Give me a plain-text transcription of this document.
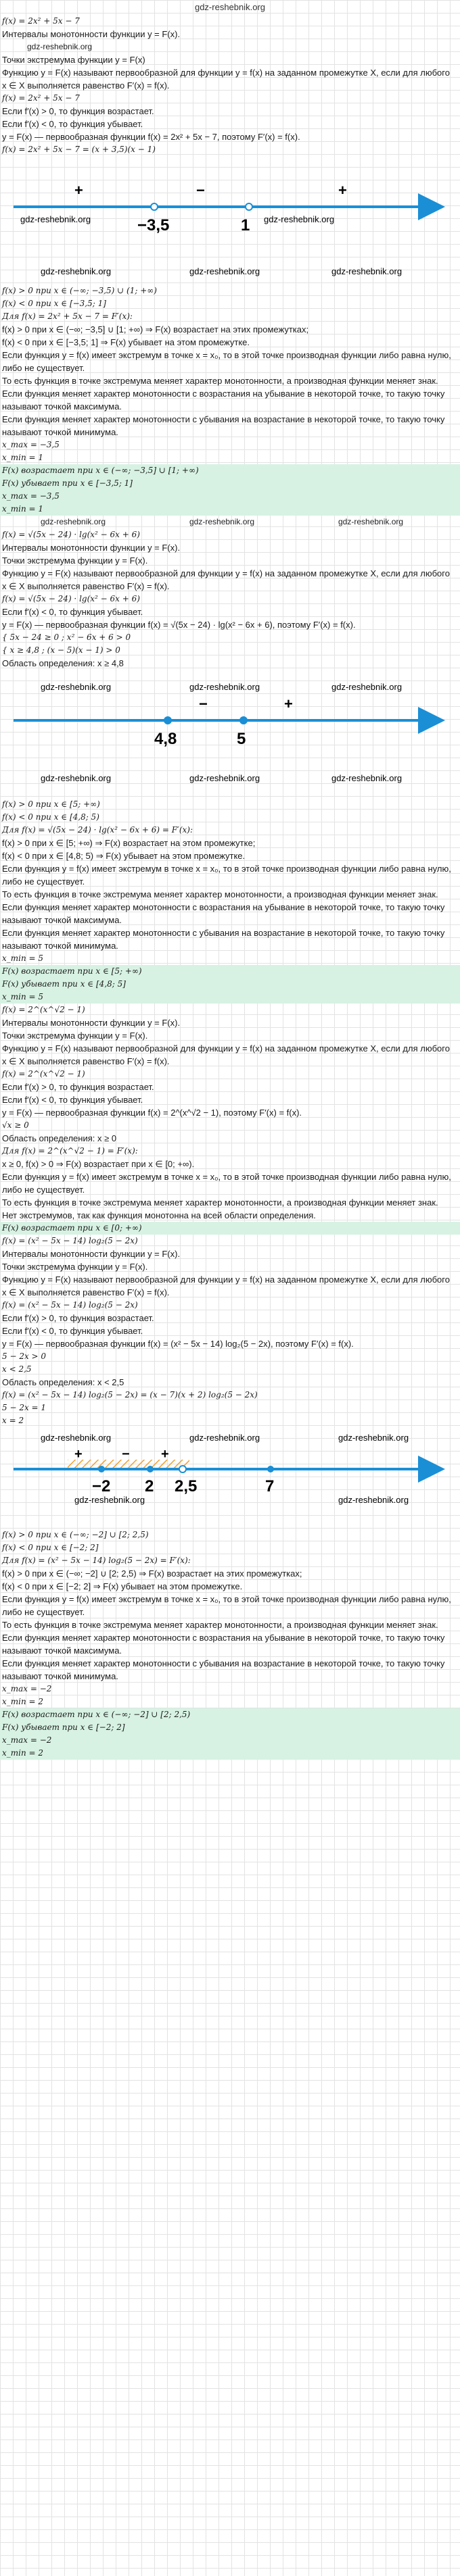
gdz-reshebnik.org
f(x) = 2x² + 5x − 7
Интервалы монотонности функции y = F(x).
gdz-reshebnik.org
Точки экстремума функции y = F(x)
Функцию y = F(x) называют первообразной для функции y = f(x) на заданном промежутке X, если для любого x ∈ X выполняется равенство F′(x) = f(x).
f(x) = 2x² + 5x − 7
Если f′(x) > 0, то функция возрастает.
Если f′(x) < 0, то функция убывает.
y = F(x) — первообразная функции f(x) = 2x² + 5x − 7, поэтому F′(x) = f(x).
f(x) = 2x² + 5x − 7 = (x + 3,5)(x − 1)
+	−	+
−3,5	1
gdz-reshebnik.org	gdz-reshebnik.org
gdz-reshebnik.org	gdz-reshebnik.org	gdz-reshebnik.org
f(x) > 0 при x ∈ (−∞; −3,5) ∪ (1; +∞)
f(x) < 0 при x ∈ [−3,5; 1]
Для f(x) = 2x² + 5x − 7 = F′(x):
f(x) > 0 при x ∈ (−∞; −3,5] ∪ [1; +∞) ⇒ F(x) возрастает на этих промежутках;
f(x) < 0 при x ∈ [−3,5; 1] ⇒ F(x) убывает на этом промежутке.
Если функция y = f(x) имеет экстремум в точке x = x₀, то в этой точке производная функции либо равна нулю, либо не существует.
То есть функция в точке экстремума меняет характер монотонности, а производная функции меняет знак.
Если функция меняет характер монотонности с возрастания на убывание в некоторой точке, то такую точку называют точкой максимума.
Если функция меняет характер монотонности с убывания на возрастание в некоторой точке, то такую точку называют точкой минимума.
x_max = −3,5
x_min = 1
F(x) возрастает при x ∈ (−∞; −3,5] ∪ [1; +∞)
F(x) убывает при x ∈ [−3,5; 1]
x_max = −3,5
x_min = 1
gdz-reshebnik.org	gdz-reshebnik.org	gdz-reshebnik.org
f(x) = √(5x − 24) · lg(x² − 6x + 6)
Интервалы монотонности функции y = F(x).
Точки экстремума функции y = F(x).
Функцию y = F(x) называют первообразной для функции y = f(x) на заданном промежутке X, если для любого x ∈ X выполняется равенство F′(x) = f(x).
f(x) = √(5x − 24) · lg(x² − 6x + 6)
Если f′(x) < 0, то функция убывает.
y = F(x) — первообразная функции f(x) = √(5x − 24) · lg(x² − 6x + 6), поэтому F′(x) = f(x).
{ 5x − 24 ≥ 0 ; x² − 6x + 6 > 0
{ x ≥ 4,8 ; (x − 5)(x − 1) > 0
Область определения: x ≥ 4,8
−	+
4,8	5
gdz-reshebnik.org	gdz-reshebnik.org	gdz-reshebnik.org
gdz-reshebnik.org	gdz-reshebnik.org	gdz-reshebnik.org
f(x) > 0 при x ∈ [5; +∞)
f(x) < 0 при x ∈ [4,8; 5)
Для f(x) = √(5x − 24) · lg(x² − 6x + 6) = F′(x):
f(x) > 0 при x ∈ [5; +∞) ⇒ F(x) возрастает на этом промежутке;
f(x) < 0 при x ∈ [4,8; 5) ⇒ F(x) убывает на этом промежутке.
Если функция y = f(x) имеет экстремум в точке x = x₀, то в этой точке производная функции либо равна нулю, либо не существует.
То есть функция в точке экстремума меняет характер монотонности, а производная функции меняет знак.
Если функция меняет характер монотонности с возрастания на убывание в некоторой точке, то такую точку называют точкой максимума.
Если функция меняет характер монотонности с убывания на возрастание в некоторой точке, то такую точку называют точкой минимума.
x_min = 5
F(x) возрастает при x ∈ [5; +∞)
F(x) убывает при x ∈ [4,8; 5]
x_min = 5
f(x) = 2^(x^√2 − 1)
Интервалы монотонности функции y = F(x).
Точки экстремума функции y = F(x).
Функцию y = F(x) называют первообразной для функции y = f(x) на заданном промежутке X, если для любого x ∈ X выполняется равенство F′(x) = f(x).
f(x) = 2^(x^√2 − 1)
Если f′(x) > 0, то функция возрастает.
Если f′(x) < 0, то функция убывает.
y = F(x) — первообразная функции f(x) = 2^(x^√2 − 1), поэтому F′(x) = f(x).
√x ≥ 0
Область определения: x ≥ 0
Для f(x) = 2^(x^√2 − 1) = F′(x):
x ≥ 0, f(x) > 0 ⇒ F(x) возрастает при x ∈ [0; +∞).
Если функция y = f(x) имеет экстремум в точке x = x₀, то в этой точке производная функции либо равна нулю, либо не существует.
То есть функция в точке экстремума меняет характер монотонности, а производная функции меняет знак.
Нет экстремумов, так как функция монотонна на всей области определения.
F(x) возрастает при x ∈ [0; +∞)
f(x) = (x² − 5x − 14) log₂(5 − 2x)
Интервалы монотонности функции y = F(x).
Точки экстремума функции y = F(x).
Функцию y = F(x) называют первообразной для функции y = f(x) на заданном промежутке X, если для любого x ∈ X выполняется равенство F′(x) = f(x).
f(x) = (x² − 5x − 14) log₂(5 − 2x)
Если f′(x) > 0, то функция возрастает.
Если f′(x) < 0, то функция убывает.
y = F(x) — первообразная функции f(x) = (x² − 5x − 14) log₂(5 − 2x), поэтому F′(x) = f(x).
5 − 2x > 0
x < 2,5
Область определения: x < 2,5
f(x) = (x² − 5x − 14) log₂(5 − 2x) = (x − 7)(x + 2) log₂(5 − 2x)
5 − 2x = 1
x = 2
+	− +
−2 2 2,5	7
gdz-reshebnik.org	gdz-reshebnik.org	gdz-reshebnik.org
gdz-reshebnik.org	gdz-reshebnik.org
f(x) > 0 при x ∈ (−∞; −2] ∪ [2; 2,5)
f(x) < 0 при x ∈ [−2; 2]
Для f(x) = (x² − 5x − 14) log₂(5 − 2x) = F′(x):
f(x) > 0 при x ∈ (−∞; −2] ∪ [2; 2,5) ⇒ F(x) возрастает на этих промежутках;
f(x) < 0 при x ∈ [−2; 2] ⇒ F(x) убывает на этом промежутке.
Если функция y = f(x) имеет экстремум в точке x = x₀, то в этой точке производная функции либо равна нулю, либо не существует.
То есть функция в точке экстремума меняет характер монотонности, а производная функции меняет знак.
Если функция меняет характер монотонности с возрастания на убывание в некоторой точке, то такую точку называют точкой максимума.
Если функция меняет характер монотонности с убывания на возрастание в некоторой точке, то такую точку называют точкой минимума.
x_max = −2
x_min = 2
F(x) возрастает при x ∈ (−∞; −2] ∪ [2; 2,5)
F(x) убывает при x ∈ [−2; 2]
x_max = −2
x_min = 2
